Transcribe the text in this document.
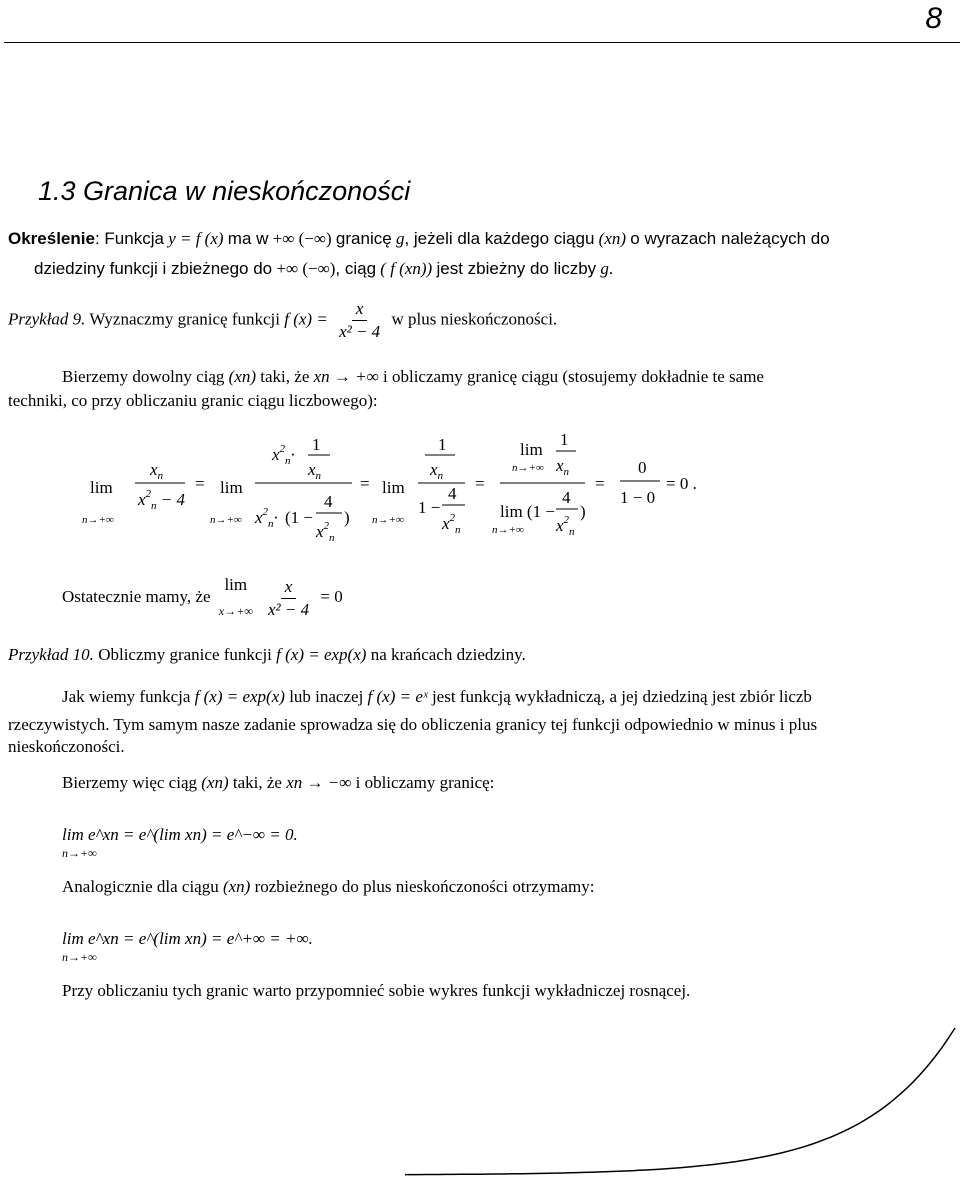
8
1.3 Granica w nieskończoności
Określenie: Funkcja y = f (x) ma w +∞ (−∞) granicę g, jeżeli dla każdego ciągu (xn) o wyrazach należących do
dziedziny funkcji i zbieżnego do +∞ (−∞), ciąg ( f (xn)) jest zbieżny do liczby g.
Przykład 9. Wyznaczmy granicę funkcji f $(x) = \frac{x}{\text{x² − 4}}$ w plus nieskończoności.
Bierzemy dowolny ciąg (xn) taki, że xn → +∞ i obliczamy granicę ciągu (stosujemy dokładnie te same
techniki, co przy obliczaniu granic ciągu liczbowego):
lim
n→+∞
$x_n$
$x^2_n - 4$
= lim
n→+∞
$x^2_n\cdot$
1
$x_n$
$x^2_n\cdot (1$ −
4
$x^2_n$
)
= lim
n→+∞
1
$x_n$
1 −
4
$x^2_n$
=
lim
n→+∞
1
$x_n$
lim (1 −
n→+∞
4
$x^2_n$
)
=
0
1 − 0
= 0 .
Ostatecznie mamy, że
lim
x→+∞
$\frac{x}{\text{x² − 4}} = 0$
Przykład 10. Obliczmy granice funkcji f (x) = exp(x) na krańcach dziedziny.
Jak wiemy funkcja f (x) = exp(x) lub inaczej f (x) = eˣ jest funkcją wykładniczą, a jej dziedziną jest zbiór liczb
rzeczywistych. Tym samym nasze zadanie sprowadza się do obliczenia granicy tej funkcji odpowiednio w minus i plus
nieskończoności.
Bierzemy więc ciąg (xn) taki, że xn → −∞ i obliczamy granicę:
lim e^xn = e^(lim xn) = e^−∞ = 0.
n→+∞
Analogicznie dla ciągu (xn) rozbieżnego do plus nieskończoności otrzymamy:
lim e^xn = e^(lim xn) = e^+∞ = +∞.
n→+∞
Przy obliczaniu tych granic warto przypomnieć sobie wykres funkcji wykładniczej rosnącej.
